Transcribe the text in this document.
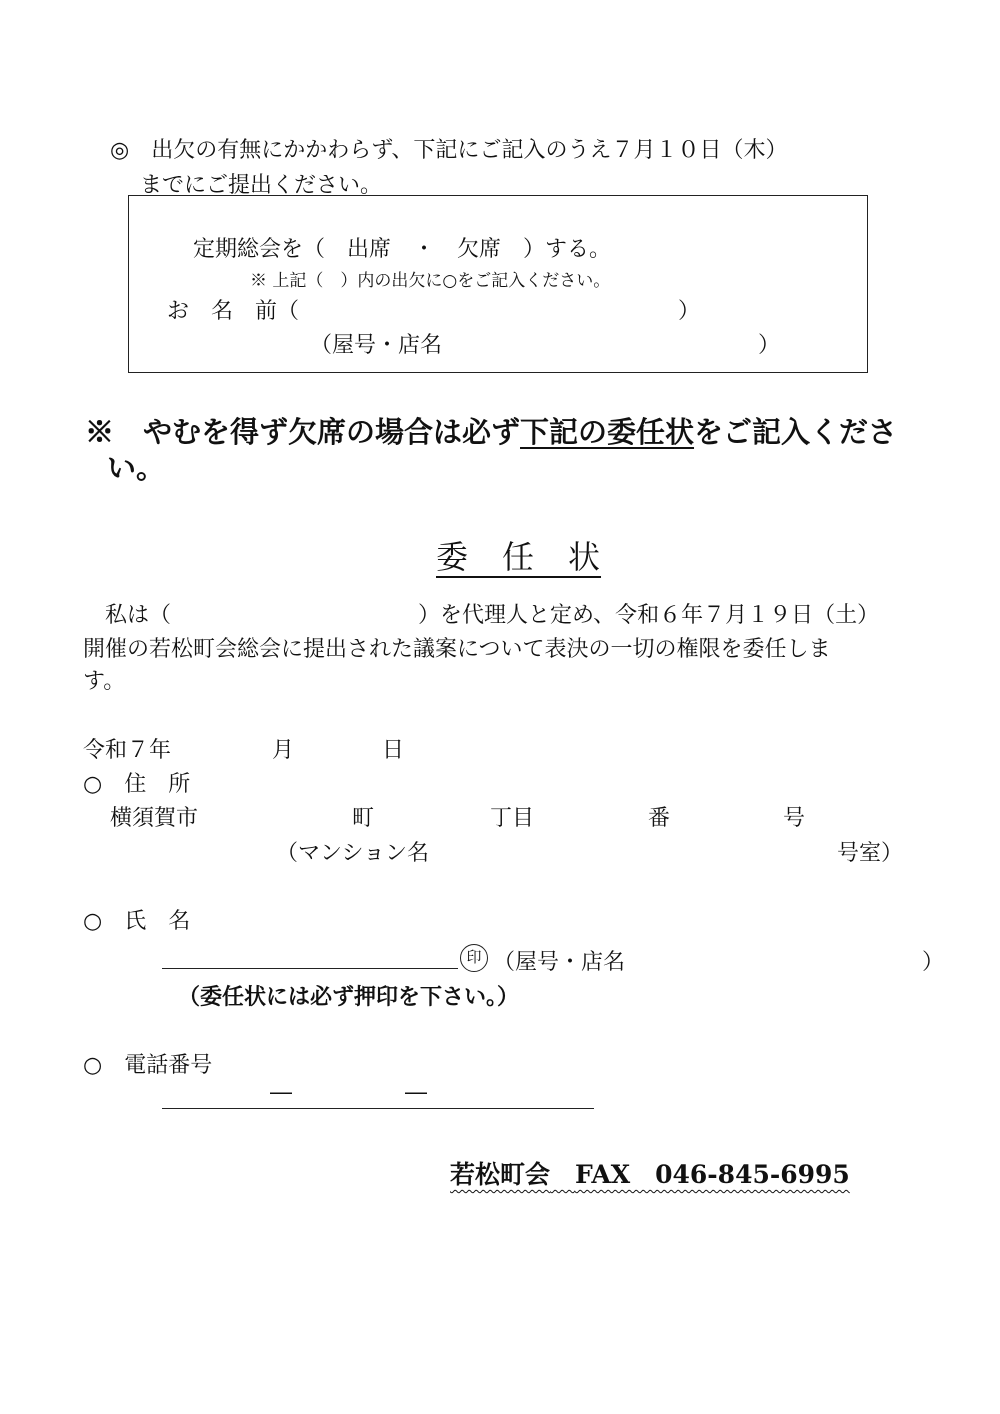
◎　出欠の有無にかかわらず、下記にご記入のうえ７月１０日（木）
までにご提出ください。
定期総会を（　出席　・　欠席　）する。
※ 上記（　）内の出欠に○をご記入ください。
お　名　前（	）
（屋号・店名	）
※　やむを得ず欠席の場合は必ず下記の委任状をご記入くださ
い。
委　任　状
私は（	）を代理人と定め、令和６年７月１９日（土）
開催の若松町会総会に提出された議案について表決の一切の権限を委任しま
す。
令和７年	月	日
○　住　所
横須賀市	町	丁目	番	号
（マンション名	号室）
○　氏　名
印 （屋号・店名	）
（委任状には必ず押印を下さい。）
○　電話番号
―	―
若松町会　 FAX　046-845-6995
